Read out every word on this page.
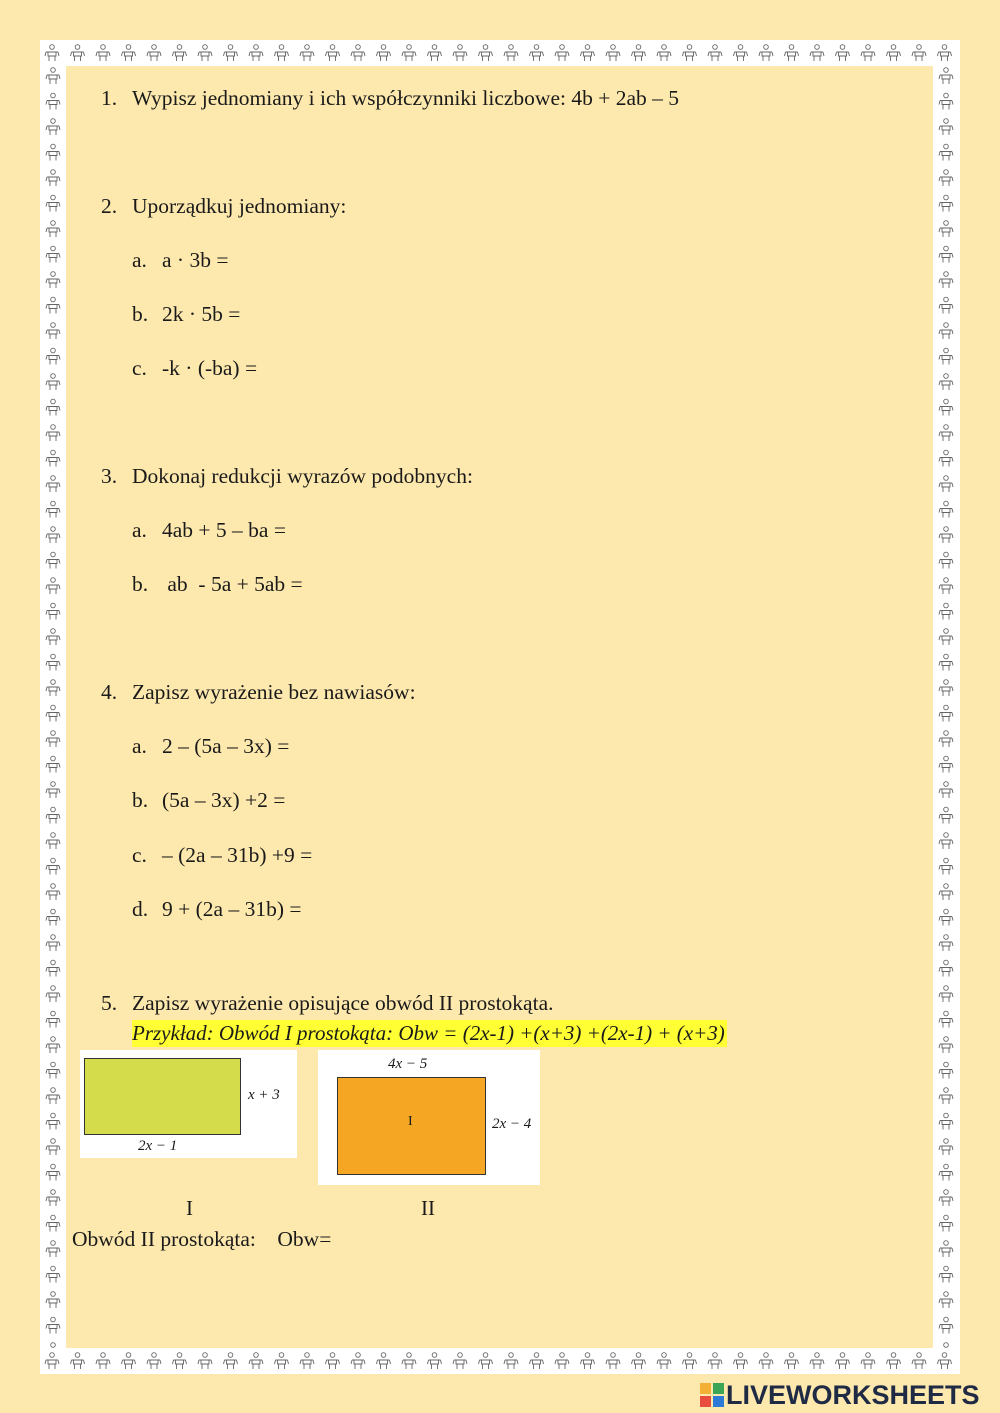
1. Wypisz jednomiany i ich współczynniki liczbowe: 4b + 2ab – 5
2. Uporządkuj jednomiany:
a. a · 3b =
b. 2k · 5b =
c. -k · (-ba) =
3. Dokonaj redukcji wyrazów podobnych:
a. 4ab + 5 – ba =
b. ab  - 5a + 5ab =
4. Zapisz wyrażenie bez nawiasów:
a. 2 – (5a – 3x) =
b. (5a – 3x) +2 =
c. – (2a – 31b) +9 =
d. 9 + (2a – 31b) =
5. Zapisz wyrażenie opisujące obwód II prostokąta.
Przykład: Obwód I prostokąta: Obw = (2x-1) +(x+3) +(2x-1) + (x+3)
x + 3
2x − 1
I
4x − 5
I	2x − 4
II
Obwód II prostokąta:    Obw=
LIVEWORKSHEETS
